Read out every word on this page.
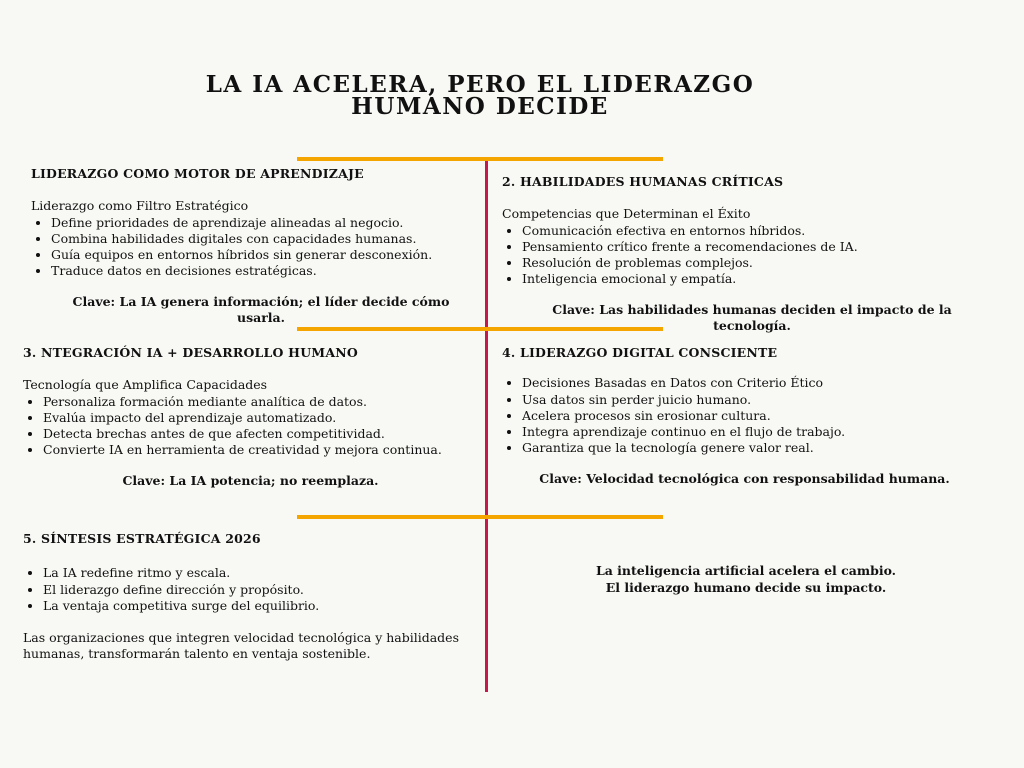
LA IA ACELERA, PERO EL LIDERAZGO
HUMANO DECIDE
LIDERAZGO COMO MOTOR DE APRENDIZAJE
Liderazgo como Filtro Estratégico
• Define prioridades de aprendizaje alineadas al negocio.
• Combina habilidades digitales con capacidades humanas.
• Guía equipos en entornos híbridos sin generar desconexión.
• Traduce datos en decisiones estratégicas.
Clave: La IA genera información; el líder decide cómo usarla.
2. HABILIDADES HUMANAS CRÍTICAS
Competencias que Determinan el Éxito
• Comunicación efectiva en entornos híbridos.
• Pensamiento crítico frente a recomendaciones de IA.
• Resolución de problemas complejos.
• Inteligencia emocional y empatía.
Clave: Las habilidades humanas deciden el impacto de la tecnología.
3. NTEGRACIÓN IA + DESARROLLO HUMANO
Tecnología que Amplifica Capacidades
• Personaliza formación mediante analítica de datos.
• Evalúa impacto del aprendizaje automatizado.
• Detecta brechas antes de que afecten competitividad.
• Convierte IA en herramienta de creatividad y mejora continua.
Clave: La IA potencia; no reemplaza.
4. LIDERAZGO DIGITAL CONSCIENTE
• Decisiones Basadas en Datos con Criterio Ético
• Usa datos sin perder juicio humano.
• Acelera procesos sin erosionar cultura.
• Integra aprendizaje continuo en el flujo de trabajo.
• Garantiza que la tecnología genere valor real.
Clave: Velocidad tecnológica con responsabilidad humana.
5. SÍNTESIS ESTRATÉGICA 2026
• La IA redefine ritmo y escala.
• El liderazgo define dirección y propósito.
• La ventaja competitiva surge del equilibrio.
Las organizaciones que integren velocidad tecnológica y habilidades humanas, transformarán talento en ventaja sostenible.
La inteligencia artificial acelera el cambio.
El liderazgo humano decide su impacto.
